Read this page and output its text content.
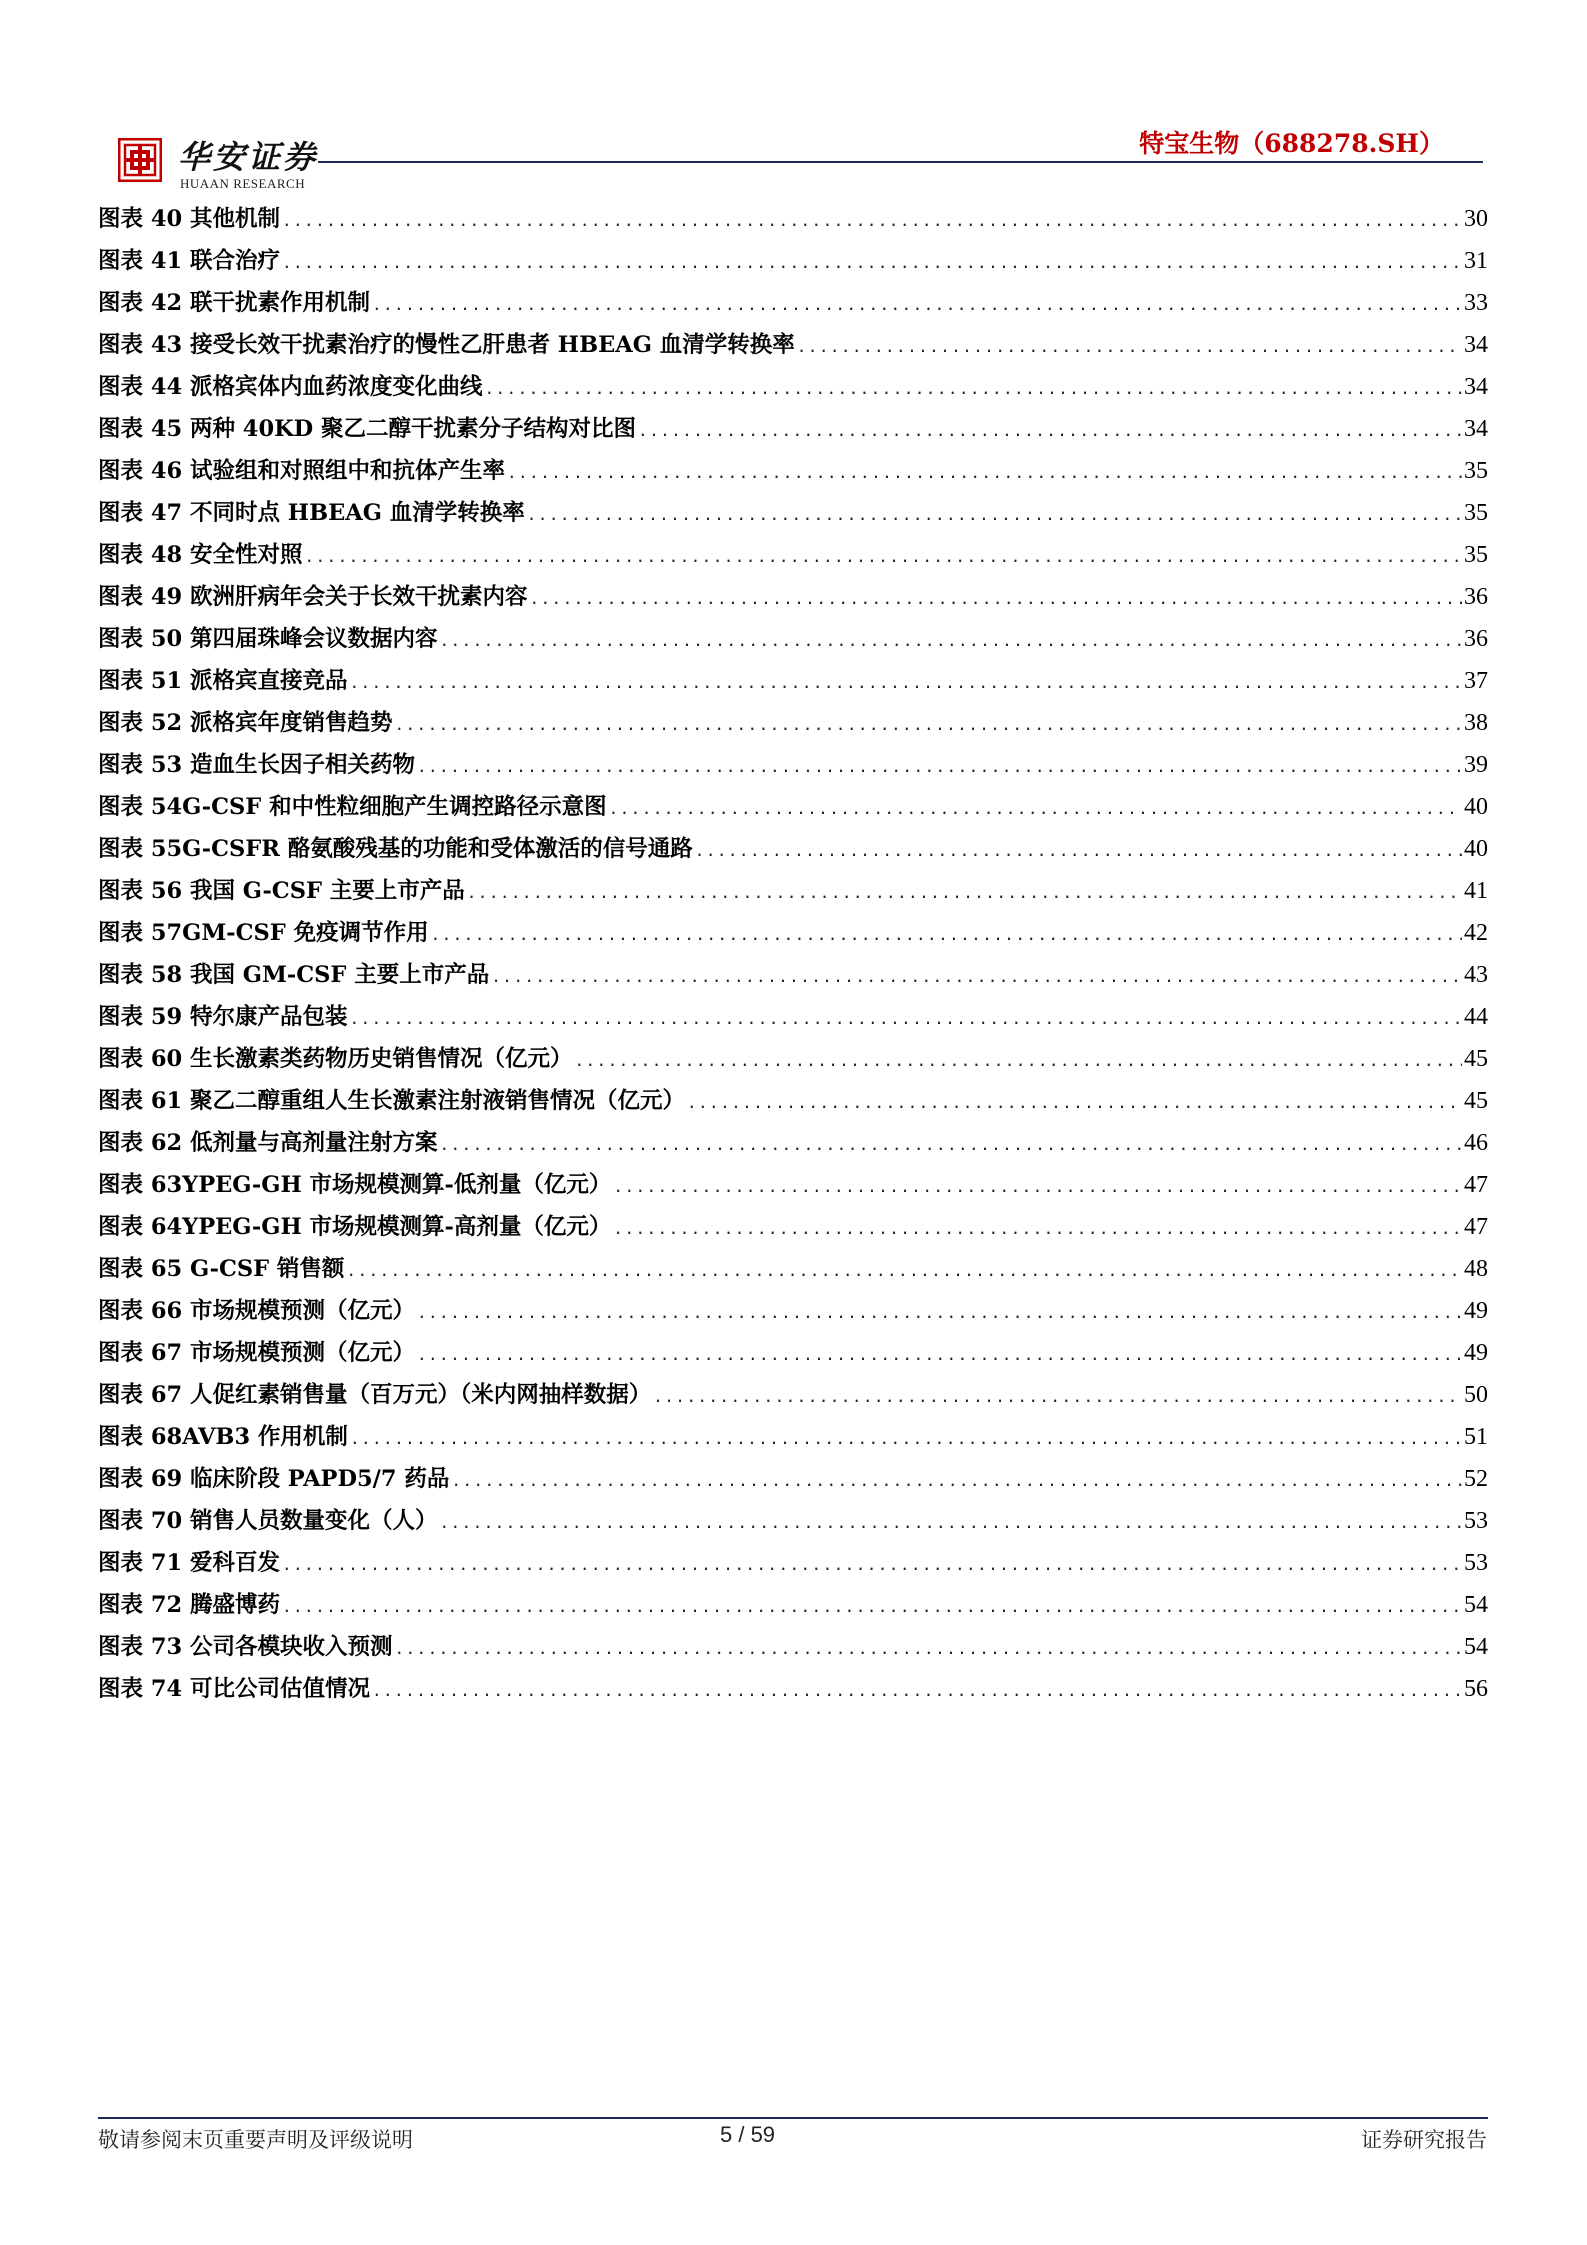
华安证券
HUAAN RESEARCH
特宝生物（688278.SH）
图表 40 其他机制 .....	30
图表 41 联合治疗 .....	31
图表 42 联干扰素作用机制 .....	33
图表 43 接受长效干扰素治疗的慢性乙肝患者 HBEAG 血清学转换率 .....	34
图表 44 派格宾体内血药浓度变化曲线 .....	34
图表 45 两种 40KD 聚乙二醇干扰素分子结构对比图 .....	34
图表 46 试验组和对照组中和抗体产生率 .....	35
图表 47 不同时点 HBEAG 血清学转换率 .....	35
图表 48 安全性对照 .....	35
图表 49 欧洲肝病年会关于长效干扰素内容 .....	36
图表 50 第四届珠峰会议数据内容 .....	36
图表 51 派格宾直接竞品 .....	37
图表 52 派格宾年度销售趋势 .....	38
图表 53 造血生长因子相关药物 .....	39
图表 54G-CSF 和中性粒细胞产生调控路径示意图 .....	40
图表 55G-CSFR 酪氨酸残基的功能和受体激活的信号通路 .....	40
图表 56 我国 G-CSF 主要上市产品 .....	41
图表 57GM-CSF 免疫调节作用 .....	42
图表 58 我国 GM-CSF 主要上市产品 .....	43
图表 59 特尔康产品包装 .....	44
图表 60 生长激素类药物历史销售情况（亿元） .....	45
图表 61 聚乙二醇重组人生长激素注射液销售情况（亿元） .....	45
图表 62 低剂量与高剂量注射方案 .....	46
图表 63YPEG-GH 市场规模测算-低剂量（亿元） .....	47
图表 64YPEG-GH 市场规模测算-高剂量（亿元） .....	47
图表 65 G-CSF 销售额 .....	48
图表 66 市场规模预测（亿元） .....	49
图表 67 市场规模预测（亿元） .....	49
图表 67 人促红素销售量（百万元）（米内网抽样数据） .....	50
图表 68AVB3 作用机制 .....	51
图表 69 临床阶段 PAPD5/7 药品 .....	52
图表 70 销售人员数量变化（人） .....	53
图表 71 爱科百发 .....	53
图表 72 腾盛博药 .....	54
图表 73 公司各模块收入预测 .....	54
图表 74 可比公司估值情况 .....	56
敬请参阅末页重要声明及评级说明	5 / 59	证券研究报告
